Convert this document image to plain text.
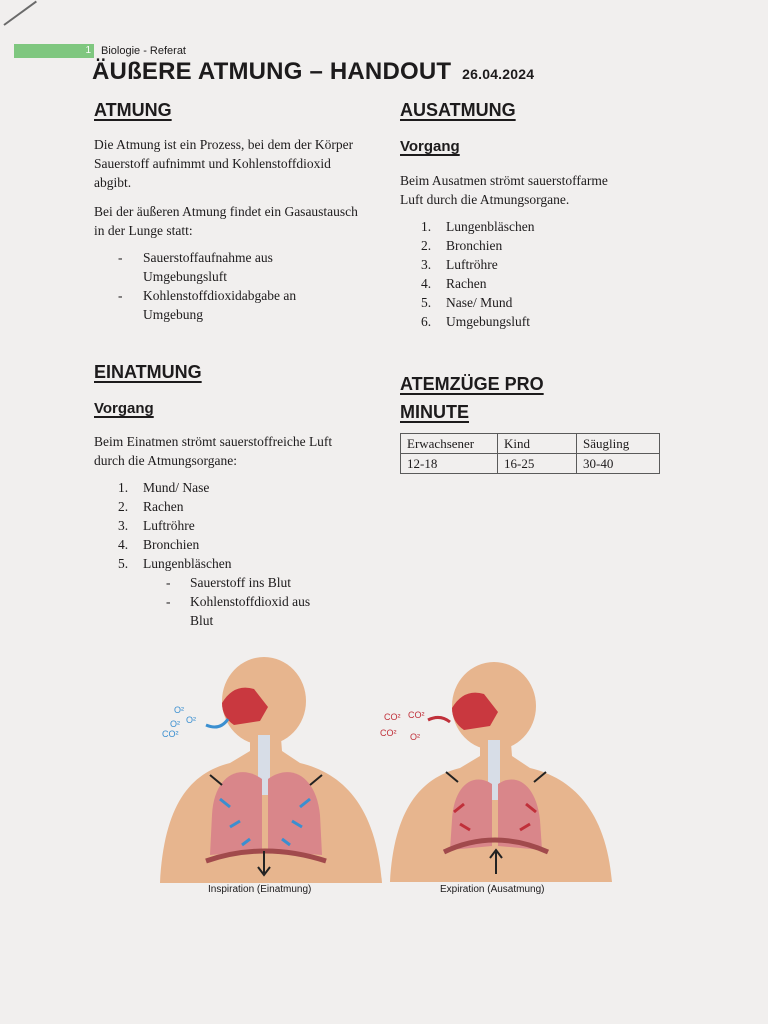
1 Biologie - Referat
ÄUßERE ATMUNG – HANDOUT 26.04.2024
ATMUNG
Die Atmung ist ein Prozess, bei dem der Körper Sauerstoff aufnimmt und Kohlenstoffdioxid abgibt.
Bei der äußeren Atmung findet ein Gasaustausch in der Lunge statt:
-	Sauerstoffaufnahme aus Umgebungsluft
-	Kohlenstoffdioxidabgabe an Umgebung
EINATMUNG
Vorgang
Beim Einatmen strömt sauerstoffreiche Luft durch die Atmungsorgane:
1.	Mund/ Nase
2.	Rachen
3.	Luftröhre
4.	Bronchien
5.	Lungenbläschen
-	Sauerstoff ins Blut
-	Kohlenstoffdioxid aus Blut
AUSATMUNG
Vorgang
Beim Ausatmen strömt sauerstoffarme Luft durch die Atmungsorgane.
1.	Lungenbläschen
2.	Bronchien
3.	Luftröhre
4.	Rachen
5.	Nase/ Mund
6.	Umgebungsluft
ATEMZÜGE PRO
MINUTE
Erwachsener	Kind	Säugling
12-18	16-25	30-40
O²
O²
O²
CO²
Inspiration (Einatmung)
CO² CO²
CO² O²
Expiration (Ausatmung)
